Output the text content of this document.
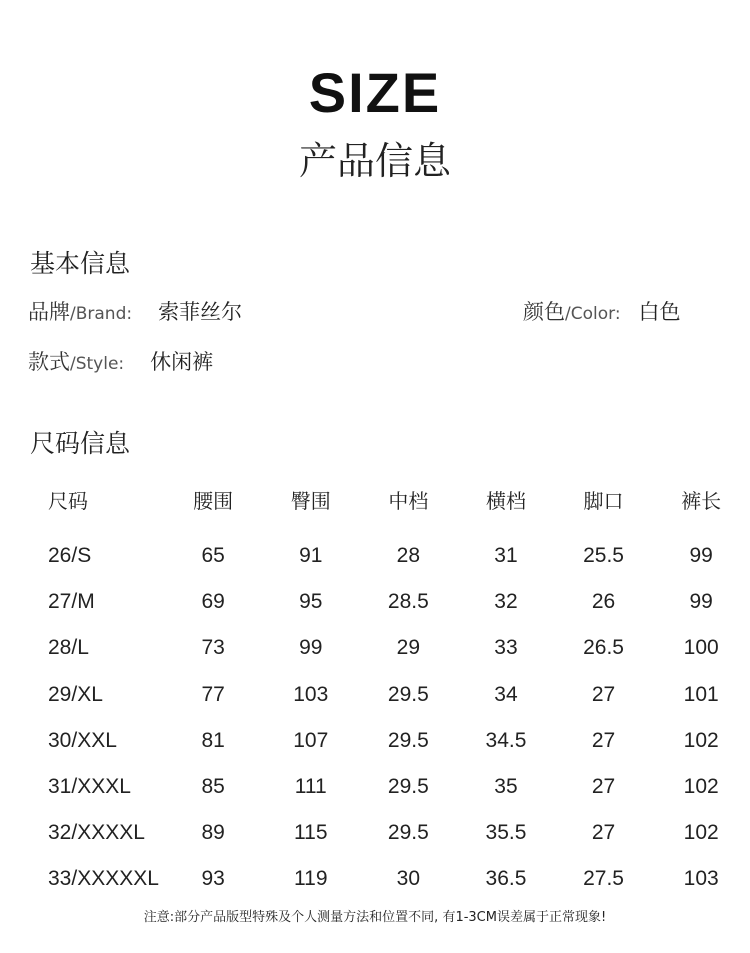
SIZE
产品信息
基本信息
品牌/Brand: 索菲丝尔	颜色/Color: 白色
款式/Style: 休闲裤
尺码信息
尺码	腰围	臀围	中档	横档	脚口	裤长
26/S	65	91	28	31	25.5	99
27/M	69	95	28.5	32	26	99
28/L	73	99	29	33	26.5	100
29/XL	77	103	29.5	34	27	101
30/XXL	81	107	29.5	34.5	27	102
31/XXXL	85	111	29.5	35	27	102
32/XXXXL	89	115	29.5	35.5	27	102
33/XXXXXL	93	119	30	36.5	27.5	103
注意:部分产品版型特殊及个人测量方法和位置不同, 有1-3CM误差属于正常现象!
